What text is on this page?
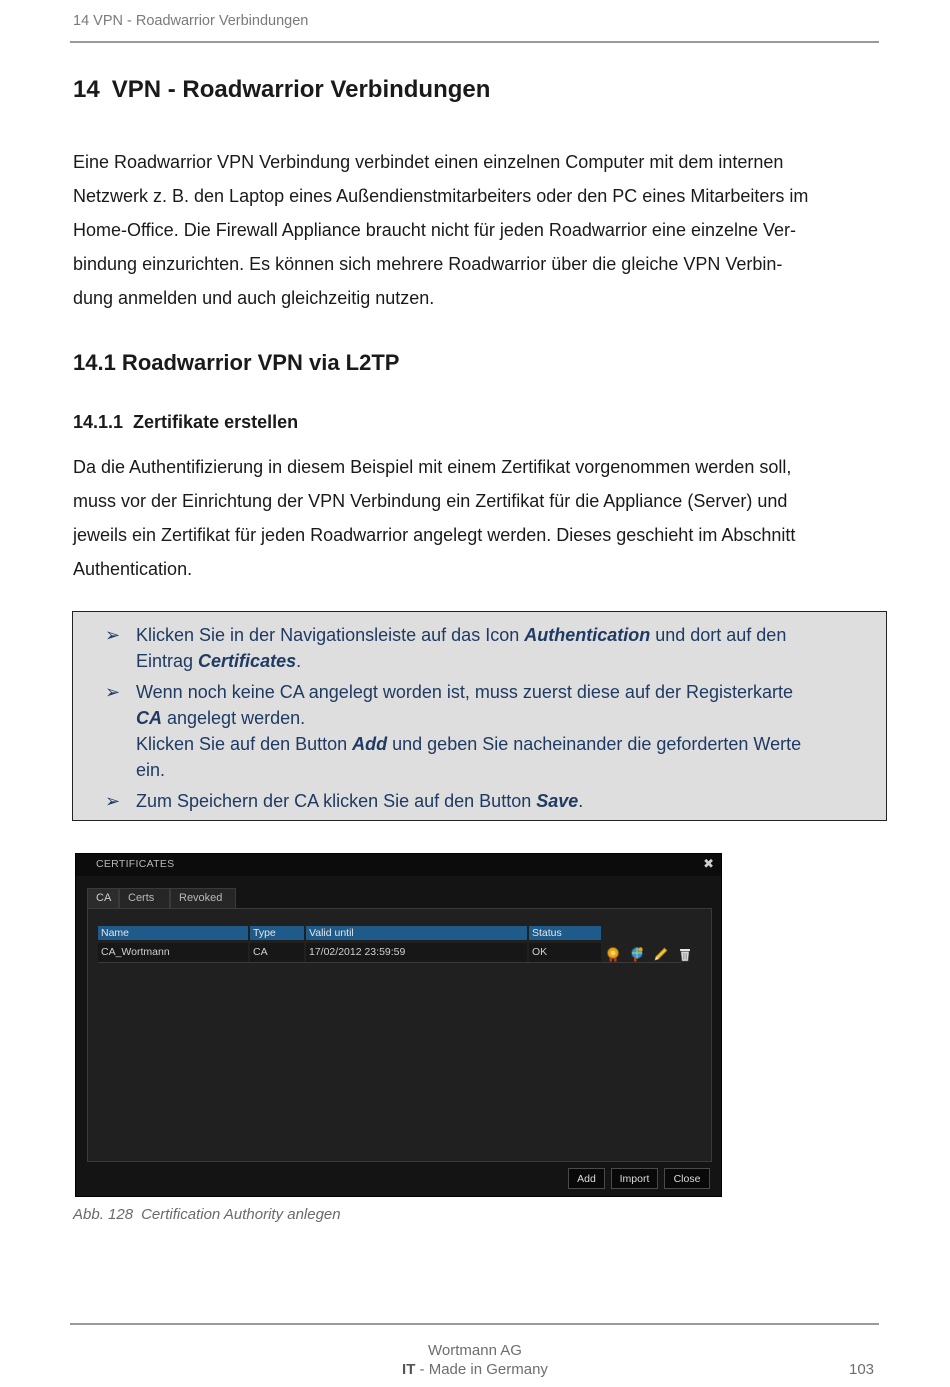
14 VPN - Roadwarrior Verbindungen
14 VPN - Roadwarrior Verbindungen
Eine Roadwarrior VPN Verbindung verbindet einen einzelnen Computer mit dem internen
Netzwerk z. B. den Laptop eines Außendienstmitarbeiters oder den PC eines Mitarbeiters im
Home-Office. Die Firewall Appliance braucht nicht für jeden Roadwarrior eine einzelne Ver-
bindung einzurichten. Es können sich mehrere Roadwarrior über die gleiche VPN Verbin-
dung anmelden und auch gleichzeitig nutzen.
14.1 Roadwarrior VPN via L2TP
14.1.1 Zertifikate erstellen
Da die Authentifizierung in diesem Beispiel mit einem Zertifikat vorgenommen werden soll,
muss vor der Einrichtung der VPN Verbindung ein Zertifikat für die Appliance (Server) und
jeweils ein Zertifikat für jeden Roadwarrior angelegt werden. Dieses geschieht im Abschnitt
Authentication.
➢ Klicken Sie in der Navigationsleiste auf das Icon Authentication und dort auf den
Eintrag Certificates.
➢ Wenn noch keine CA angelegt worden ist, muss zuerst diese auf der Registerkarte
CA angelegt werden.
Klicken Sie auf den Button Add und geben Sie nacheinander die geforderten Werte
ein.
➢ Zum Speichern der CA klicken Sie auf den Button Save.
CERTIFICATES	✖
CA	Certs	Revoked
Name	Type	Valid until	Status
CA_Wortmann	CA	17/02/2012 23:59:59	OK
Add	Import	Close
Abb. 128 Certification Authority anlegen
Wortmann AG
IT - Made in Germany	103
